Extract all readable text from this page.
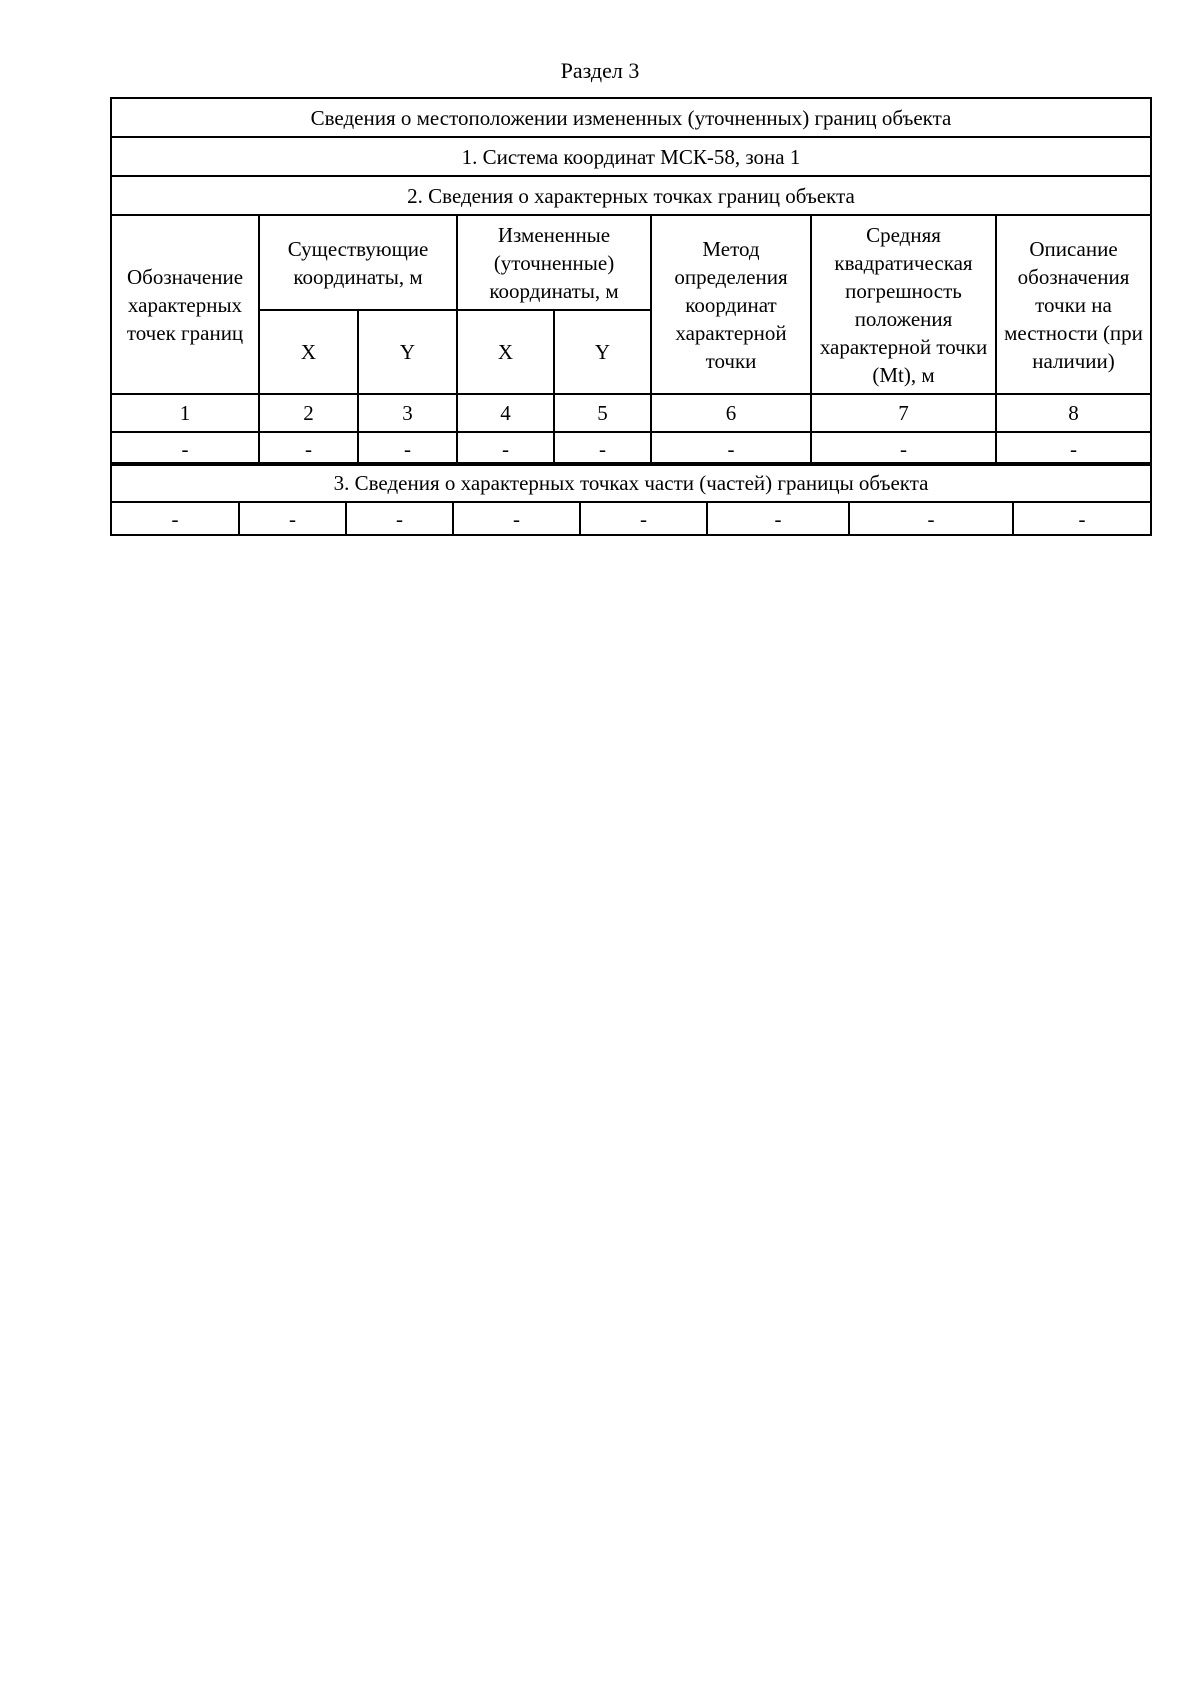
Раздел 3
Сведения о местоположении измененных (уточненных) границ объекта							
1. Система координат МСК-58, зона 1							
2. Сведения о характерных точках границ объекта							
Обозначение характерных точек границ	Существующие координаты, м		Измененные (уточненные) координаты, м		Метод определения координат характерной точки	Средняя квадратическая погрешность положения характерной точки (Mt), м	Описание обозначения точки на местности (при наличии)
	X	Y	X	Y			
1	2	3	4	5	6	7	8
-	-	-	-	-	-	-	-
3. Сведения о характерных точках части (частей) границы объекта
-	-	-	-	-	-	-	-
